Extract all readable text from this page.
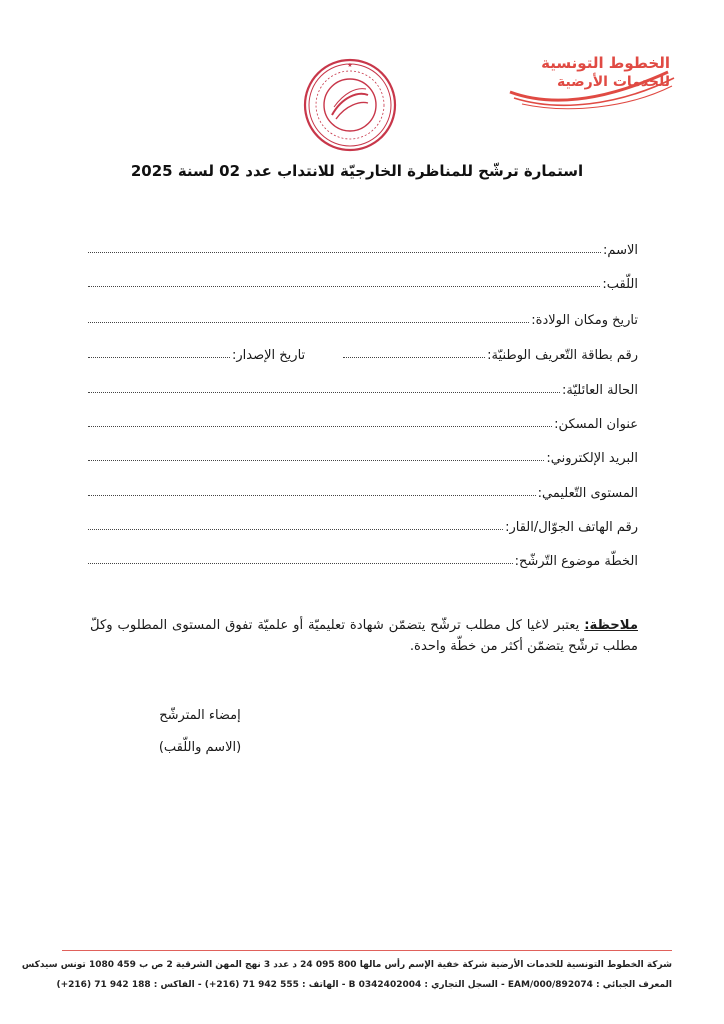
الخطوط التونسية
للخدمات الأرضية
★
استمارة ترشّح للمناظرة الخارجيّة للانتداب عدد 02 لسنة 2025
الاسم:
اللّقب:
تاريخ ومكان الولادة:
رقم بطاقة التّعريف الوطنيّة:
تاريخ الإصدار:
الحالة العائليّة:
عنوان المسكن:
البريد الإلكتروني:
المستوى التّعليمي:
رقم الهاتف الجوّال/القار:
الخطّة موضوع التّرشّح:
ملاحظة: يعتبر لاغيا كل مطلب ترشّح يتضمّن شهادة تعليميّة أو علميّة تفوق المستوى المطلوب وكلّ مطلب ترشّح يتضمّن أكثر من خطّة واحدة.
إمضاء المترشّح
(الاسم واللّقب)
شركة الخطوط التونسية للخدمات الأرضية شركة خفية الإسم رأس مالها 800 095 24 د عدد 3 نهج المهن الشرقية 2 ص ب 459 1080 تونس سيدكس
المعرف الجبائي : 892074/EAM/000 - السجل التجاري : B 0342402004 - الهاتف : 555 942 71 (216+) - الفاكس : 188 942 71 (216+)
